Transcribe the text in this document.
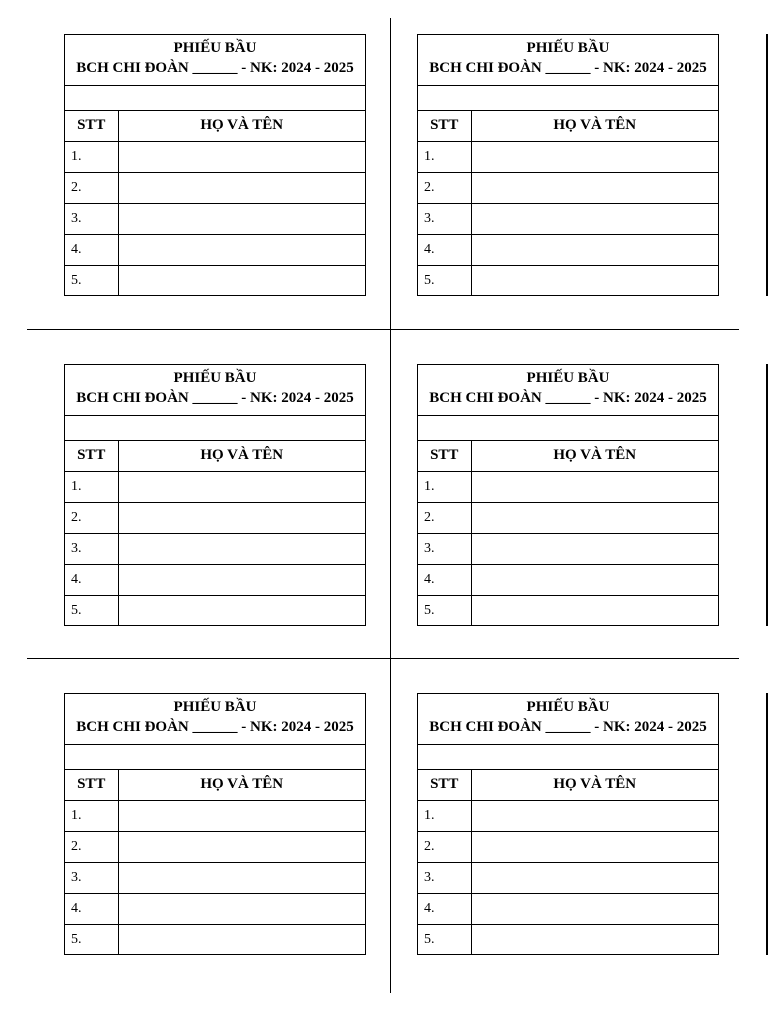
PHIẾU BẦU
BCH CHI ĐOÀN ______ - NK: 2024 - 2025
STT	HỌ VÀ TÊN
1.	
2.	
3.	
4.	
5.	
PHIẾU BẦU
BCH CHI ĐOÀN ______ - NK: 2024 - 2025
STT	HỌ VÀ TÊN
1.	
2.	
3.	
4.	
5.	
PHIẾU BẦU
BCH CHI ĐOÀN ______ - NK: 2024 - 2025
STT	HỌ VÀ TÊN
1.	
2.	
3.	
4.	
5.	
PHIẾU BẦU
BCH CHI ĐOÀN ______ - NK: 2024 - 2025
STT	HỌ VÀ TÊN
1.	
2.	
3.	
4.	
5.	
PHIẾU BẦU
BCH CHI ĐOÀN ______ - NK: 2024 - 2025
STT	HỌ VÀ TÊN
1.	
2.	
3.	
4.	
5.	
PHIẾU BẦU
BCH CHI ĐOÀN ______ - NK: 2024 - 2025
STT	HỌ VÀ TÊN
1.	
2.	
3.	
4.	
5.	
